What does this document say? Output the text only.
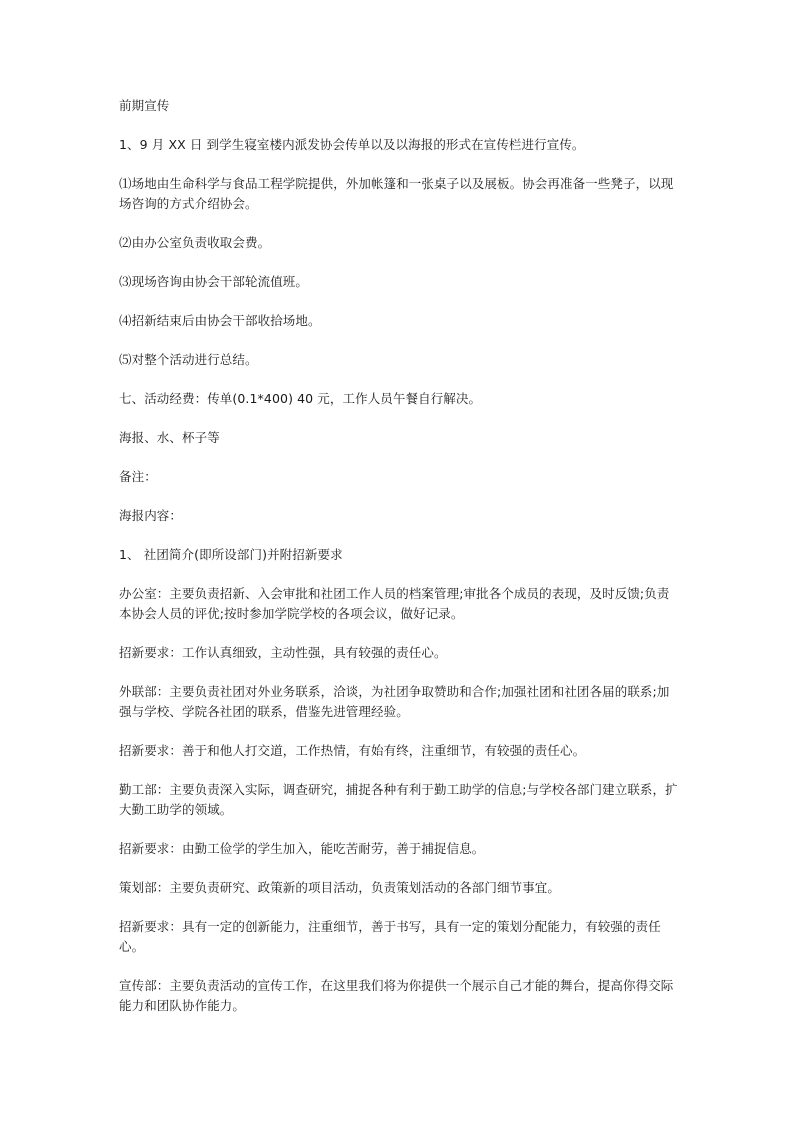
前期宣传

1、9 月 XX 日 到学生寝室楼内派发协会传单以及以海报的形式在宣传栏进行宣传。

⑴场地由生命科学与食品工程学院提供，外加帐篷和一张桌子以及展板。协会再准备一些凳子，以现场咨询的方式介绍协会。

⑵由办公室负责收取会费。

⑶现场咨询由协会干部轮流值班。

⑷招新结束后由协会干部收拾场地。

⑸对整个活动进行总结。

七、活动经费：传单(0.1*400) 40 元，工作人员午餐自行解决。

海报、水、杯子等

备注：

海报内容：

1、 社团简介(即所设部门)并附招新要求

办公室：主要负责招新、入会审批和社团工作人员的档案管理;审批各个成员的表现，及时反馈;负责本协会人员的评优;按时参加学院学校的各项会议，做好记录。

招新要求：工作认真细致，主动性强，具有较强的责任心。

外联部：主要负责社团对外业务联系，洽谈，为社团争取赞助和合作;加强社团和社团各届的联系;加强与学校、学院各社团的联系，借鉴先进管理经验。

招新要求：善于和他人打交道，工作热情，有始有终，注重细节，有较强的责任心。

勤工部：主要负责深入实际，调查研究，捕捉各种有利于勤工助学的信息;与学校各部门建立联系，扩大勤工助学的领域。

招新要求：由勤工俭学的学生加入，能吃苦耐劳，善于捕捉信息。

策划部：主要负责研究、政策新的项目活动，负责策划活动的各部门细节事宜。

招新要求：具有一定的创新能力，注重细节，善于书写，具有一定的策划分配能力，有较强的责任心。

宣传部：主要负责活动的宣传工作，在这里我们将为你提供一个展示自己才能的舞台，提高你得交际能力和团队协作能力。
